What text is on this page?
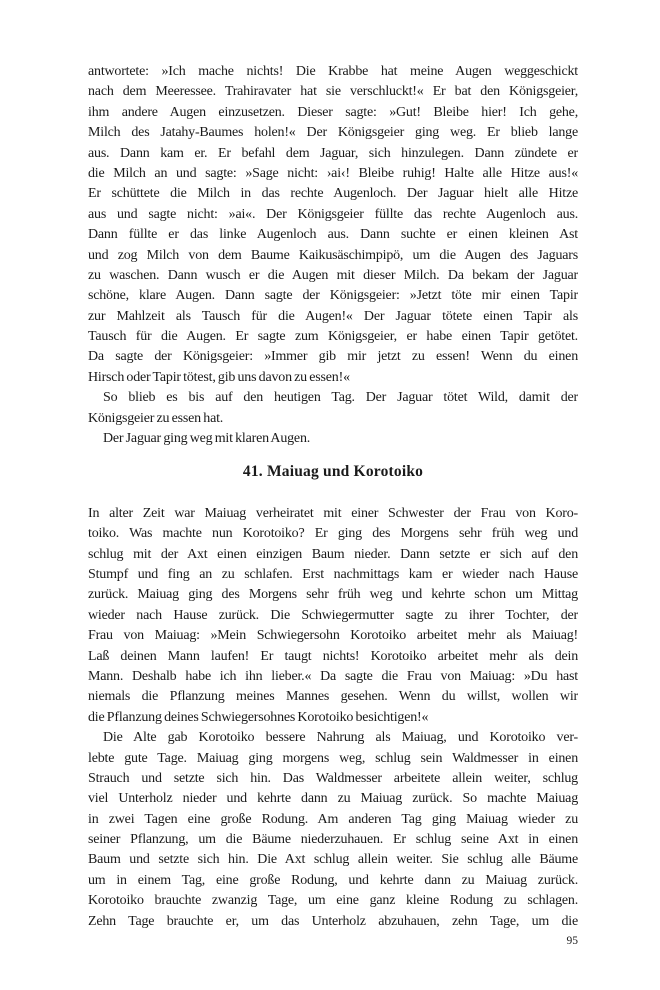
antwortete: »Ich mache nichts! Die Krabbe hat meine Augen weggeschickt
nach dem Meeressee. Trahiravater hat sie verschluckt!« Er bat den Königsgeier,
ihm andere Augen einzusetzen. Dieser sagte: »Gut! Bleibe hier! Ich gehe,
Milch des Jatahy-Baumes holen!« Der Königsgeier ging weg. Er blieb lange
aus. Dann kam er. Er befahl dem Jaguar, sich hinzulegen. Dann zündete er
die Milch an und sagte: »Sage nicht: ›ai‹! Bleibe ruhig! Halte alle Hitze aus!«
Er schüttete die Milch in das rechte Augenloch. Der Jaguar hielt alle Hitze
aus und sagte nicht: »ai«. Der Königsgeier füllte das rechte Augenloch aus.
Dann füllte er das linke Augenloch aus. Dann suchte er einen kleinen Ast
und zog Milch von dem Baume Kaikusäschimpipö, um die Augen des Jaguars
zu waschen. Dann wusch er die Augen mit dieser Milch. Da bekam der Jaguar
schöne, klare Augen. Dann sagte der Königsgeier: »Jetzt töte mir einen Tapir
zur Mahlzeit als Tausch für die Augen!« Der Jaguar tötete einen Tapir als
Tausch für die Augen. Er sagte zum Königsgeier, er habe einen Tapir getötet.
Da sagte der Königsgeier: »Immer gib mir jetzt zu essen! Wenn du einen
Hirsch oder Tapir tötest, gib uns davon zu essen!«
So blieb es bis auf den heutigen Tag. Der Jaguar tötet Wild, damit der
Königsgeier zu essen hat.
Der Jaguar ging weg mit klaren Augen.
41. Maiuag und Korotoiko
In alter Zeit war Maiuag verheiratet mit einer Schwester der Frau von Koro-
toiko. Was machte nun Korotoiko? Er ging des Morgens sehr früh weg und
schlug mit der Axt einen einzigen Baum nieder. Dann setzte er sich auf den
Stumpf und fing an zu schlafen. Erst nachmittags kam er wieder nach Hause
zurück. Maiuag ging des Morgens sehr früh weg und kehrte schon um Mittag
wieder nach Hause zurück. Die Schwiegermutter sagte zu ihrer Tochter, der
Frau von Maiuag: »Mein Schwiegersohn Korotoiko arbeitet mehr als Maiuag!
Laß deinen Mann laufen! Er taugt nichts! Korotoiko arbeitet mehr als dein
Mann. Deshalb habe ich ihn lieber.« Da sagte die Frau von Maiuag: »Du hast
niemals die Pflanzung meines Mannes gesehen. Wenn du willst, wollen wir
die Pflanzung deines Schwiegersohnes Korotoiko besichtigen!«
Die Alte gab Korotoiko bessere Nahrung als Maiuag, und Korotoiko ver-
lebte gute Tage. Maiuag ging morgens weg, schlug sein Waldmesser in einen
Strauch und setzte sich hin. Das Waldmesser arbeitete allein weiter, schlug
viel Unterholz nieder und kehrte dann zu Maiuag zurück. So machte Maiuag
in zwei Tagen eine große Rodung. Am anderen Tag ging Maiuag wieder zu
seiner Pflanzung, um die Bäume niederzuhauen. Er schlug seine Axt in einen
Baum und setzte sich hin. Die Axt schlug allein weiter. Sie schlug alle Bäume
um in einem Tag, eine große Rodung, und kehrte dann zu Maiuag zurück.
Korotoiko brauchte zwanzig Tage, um eine ganz kleine Rodung zu schlagen.
Zehn Tage brauchte er, um das Unterholz abzuhauen, zehn Tage, um die
95
